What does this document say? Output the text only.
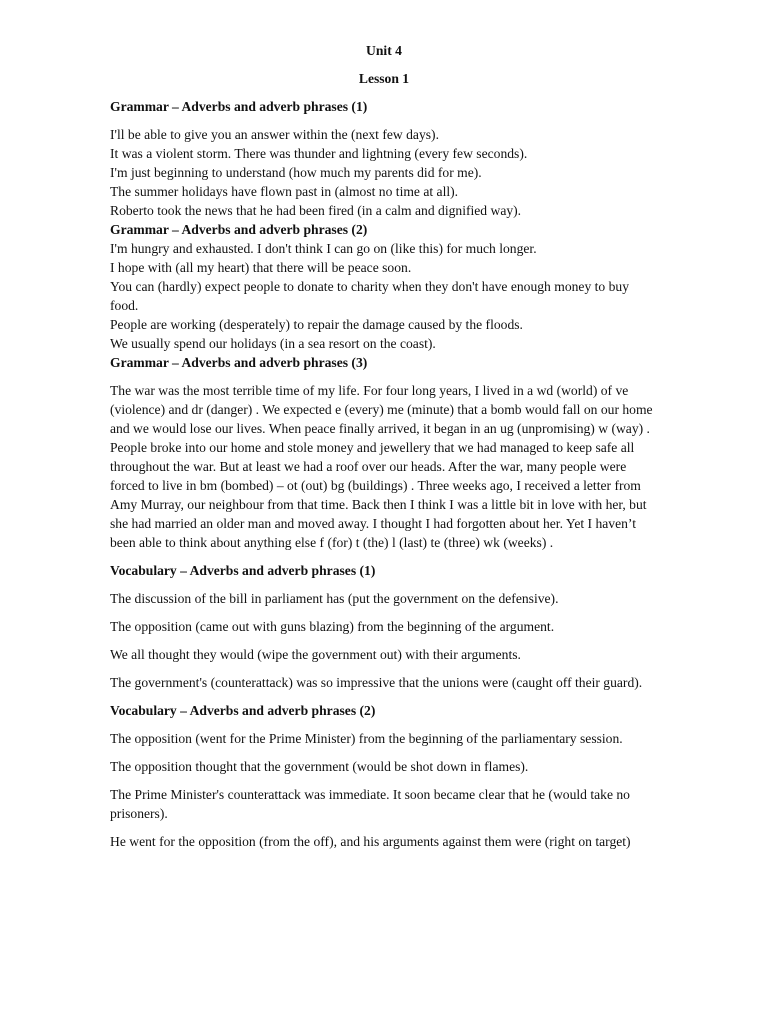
Unit 4

Lesson 1

Grammar – Adverbs and adverb phrases (1)

I'll be able to give you an answer within the (next few days).

It was a violent storm. There was thunder and lightning (every few seconds).

I'm just beginning to understand (how much my parents did for me).

The summer holidays have flown past in (almost no time at all).

Roberto took the news that he had been fired (in a calm and dignified way).

Grammar – Adverbs and adverb phrases (2)

I'm hungry and exhausted. I don't think I can go on (like this) for much longer.

I hope with (all my heart) that there will be peace soon.

You can (hardly) expect people to donate to charity when they don't have enough money to buy food.

People are working (desperately) to repair the damage caused by the floods.

We usually spend our holidays (in a sea resort on the coast).

Grammar – Adverbs and adverb phrases (3)

The war was the most terrible time of my life. For four long years, I lived in a wd (world) of ve (violence) and dr (danger) . We expected e (every) me (minute) that a bomb would fall on our home and we would lose our lives. When peace finally arrived, it began in an ug (unpromising) w (way) . People broke into our home and stole money and jewellery that we had managed to keep safe all throughout the war. But at least we had a roof over our heads. After the war, many people were forced to live in bm (bombed) – ot (out) bg (buildings) . Three weeks ago, I received a letter from Amy Murray, our neighbour from that time. Back then I think I was a little bit in love with her, but she had married an older man and moved away. I thought I had forgotten about her. Yet I haven’t been able to think about anything else f (for) t (the) l (last) te (three) wk (weeks) .

Vocabulary – Adverbs and adverb phrases (1)

The discussion of the bill in parliament has (put the government on the defensive).

The opposition (came out with guns blazing) from the beginning of the argument.

We all thought they would (wipe the government out) with their arguments.

The government's (counterattack) was so impressive that the unions were (caught off their guard).

Vocabulary – Adverbs and adverb phrases (2)

The opposition (went for the Prime Minister) from the beginning of the parliamentary session.

The opposition thought that the government (would be shot down in flames).

The Prime Minister's counterattack was immediate. It soon became clear that he (would take no prisoners).

He went for the opposition (from the off), and his arguments against them were (right on target)
